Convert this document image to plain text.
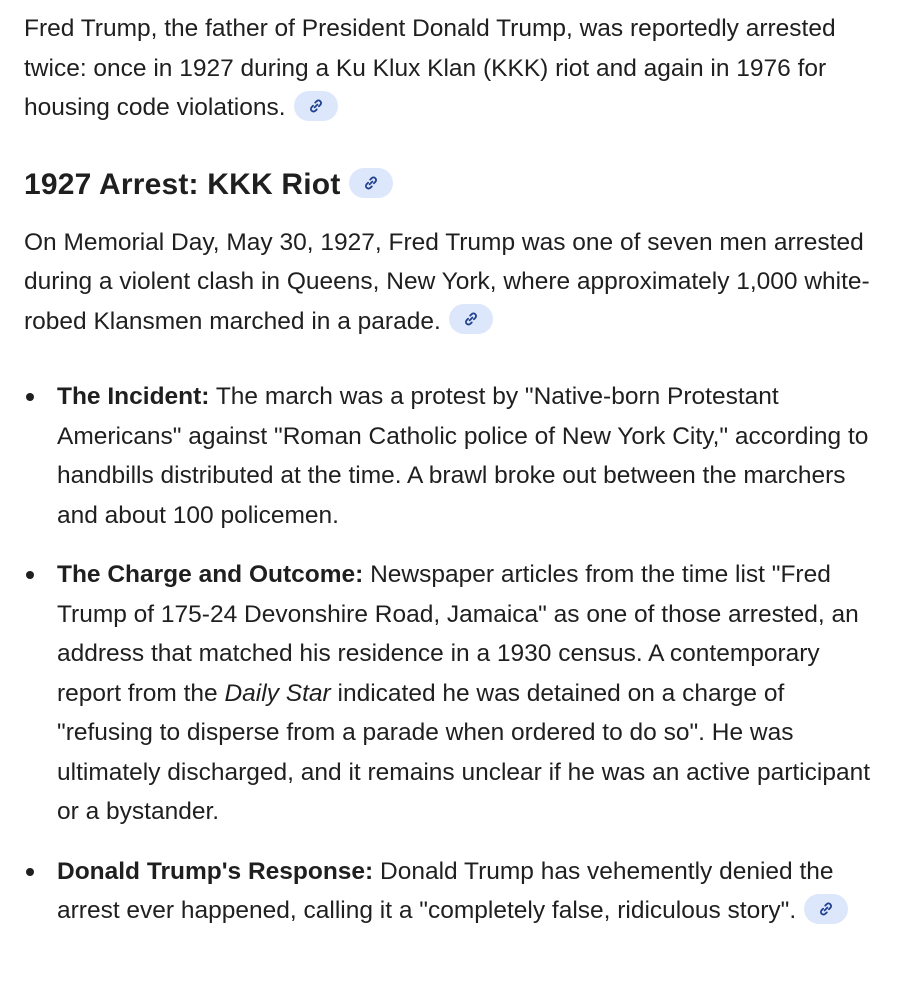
Fred Trump, the father of President Donald Trump, was reportedly arrested twice: once in 1927 during a Ku Klux Klan (KKK) riot and again in 1976 for housing code violations.

1927 Arrest: KKK Riot

On Memorial Day, May 30, 1927, Fred Trump was one of seven men arrested during a violent clash in Queens, New York, where approximately 1,000 white-robed Klansmen marched in a parade.

The Incident: The march was a protest by "Native-born Protestant Americans" against "Roman Catholic police of New York City," according to handbills distributed at the time. A brawl broke out between the marchers and about 100 policemen.
The Charge and Outcome: Newspaper articles from the time list "Fred Trump of 175-24 Devonshire Road, Jamaica" as one of those arrested, an address that matched his residence in a 1930 census. A contemporary report from the Daily Star indicated he was detained on a charge of "refusing to disperse from a parade when ordered to do so". He was ultimately discharged, and it remains unclear if he was an active participant or a bystander.
Donald Trump's Response: Donald Trump has vehemently denied the arrest ever happened, calling it a "completely false, ridiculous story".
